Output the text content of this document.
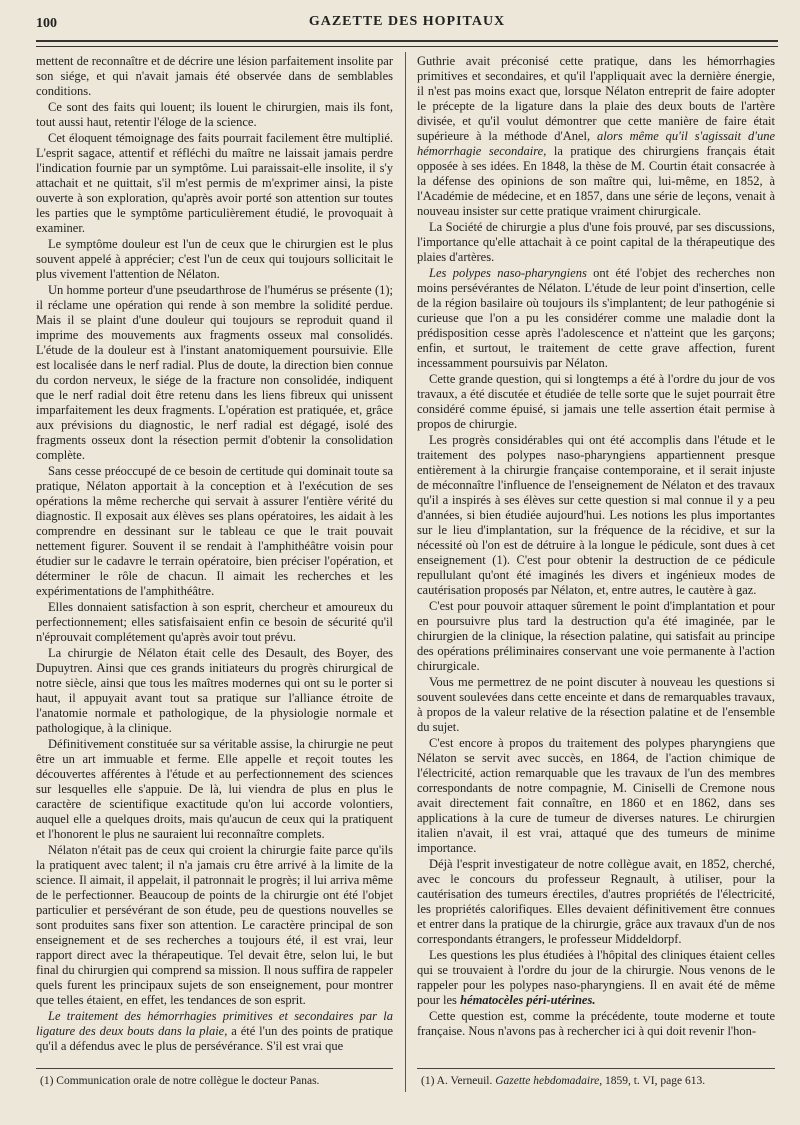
100	GAZETTE DES HOPITAUX

mettent de reconnaître et de décrire une lésion parfaitement insolite par son siége, et qui n'avait jamais été observée dans de semblables conditions.

Ce sont des faits qui louent; ils louent le chirurgien, mais ils font, tout aussi haut, retentir l'éloge de la science.

Cet éloquent témoignage des faits pourrait facilement être multiplié. L'esprit sagace, attentif et réfléchi du maître ne laissait jamais perdre l'indication fournie par un symptôme. Lui paraissait-elle insolite, il s'y attachait et ne quittait, s'il m'est permis de m'exprimer ainsi, la piste ouverte à son exploration, qu'après avoir porté son attention sur toutes les parties que le symptôme particulièrement étudié, le provoquait à examiner.

Le symptôme douleur est l'un de ceux que le chirurgien est le plus souvent appelé à apprécier; c'est l'un de ceux qui toujours sollicitait le plus vivement l'attention de Nélaton.

Un homme porteur d'une pseudarthrose de l'humérus se présente (1); il réclame une opération qui rende à son membre la solidité perdue. Mais il se plaint d'une douleur qui toujours se reproduit quand il imprime des mouvements aux fragments osseux mal consolidés. L'étude de la douleur est à l'instant anatomiquement poursuivie. Elle est localisée dans le nerf radial. Plus de doute, la direction bien connue du cordon nerveux, le siége de la fracture non consolidée, indiquent que le nerf radial doit être retenu dans les liens fibreux qui unissent imparfaitement les deux fragments. L'opération est pratiquée, et, grâce aux prévisions du diagnostic, le nerf radial est dégagé, isolé des fragments osseux dont la résection permit d'obtenir la consolidation complète.

Sans cesse préoccupé de ce besoin de certitude qui dominait toute sa pratique, Nélaton apportait à la conception et à l'exécution de ses opérations la même recherche qui servait à assurer l'entière vérité du diagnostic. Il exposait aux élèves ses plans opératoires, les aidait à les comprendre en dessinant sur le tableau ce que le trait pouvait nettement figurer. Souvent il se rendait à l'amphithéâtre voisin pour étudier sur le cadavre le terrain opératoire, bien préciser l'opération, et déterminer le rôle de chacun. Il aimait les recherches et les expérimentations de l'amphithéâtre.

Elles donnaient satisfaction à son esprit, chercheur et amoureux du perfectionnement; elles satisfaisaient enfin ce besoin de sécurité qu'il n'éprouvait complétement qu'après avoir tout prévu.

La chirurgie de Nélaton était celle des Desault, des Boyer, des Dupuytren. Ainsi que ces grands initiateurs du progrès chirurgical de notre siècle, ainsi que tous les maîtres modernes qui ont su le porter si haut, il appuyait avant tout sa pratique sur l'alliance étroite de l'anatomie normale et pathologique, de la physiologie normale et pathologique, à la clinique.

Définitivement constituée sur sa véritable assise, la chirurgie ne peut être un art immuable et ferme. Elle appelle et reçoit toutes les découvertes afférentes à l'étude et au perfectionnement des sciences sur lesquelles elle s'appuie. De là, lui viendra de plus en plus le caractère de scientifique exactitude qu'on lui accorde volontiers, auquel elle a quelques droits, mais qu'aucun de ceux qui la pratiquent et l'honorent le plus ne sauraient lui reconnaître complets.

Nélaton n'était pas de ceux qui croient la chirurgie faite parce qu'ils la pratiquent avec talent; il n'a jamais cru être arrivé à la limite de la science. Il aimait, il appelait, il patronnait le progrès; il lui arriva même de le perfectionner. Beaucoup de points de la chirurgie ont été l'objet particulier et persévérant de son étude, peu de questions nouvelles se sont produites sans fixer son attention. Le caractère principal de son enseignement et de ses recherches a toujours été, il est vrai, leur rapport direct avec la thérapeutique. Tel devait être, selon lui, le but final du chirurgien qui comprend sa mission. Il nous suffira de rappeler quels furent les principaux sujets de son enseignement, pour montrer que telles étaient, en effet, les tendances de son esprit.

Le traitement des hémorrhagies primitives et secondaires par la ligature des deux bouts dans la plaie, a été l'un des points de pratique qu'il a défendus avec le plus de persévérance. S'il est vrai que

Guthrie avait préconisé cette pratique, dans les hémorrhagies primitives et secondaires, et qu'il l'appliquait avec la dernière énergie, il n'est pas moins exact que, lorsque Nélaton entreprit de faire adopter le précepte de la ligature dans la plaie des deux bouts de l'artère divisée, et qu'il voulut démontrer que cette manière de faire était supérieure à la méthode d'Anel, alors même qu'il s'agissait d'une hémorrhagie secondaire, la pratique des chirurgiens français était opposée à ses idées. En 1848, la thèse de M. Courtin était consacrée à la défense des opinions de son maître qui, lui-même, en 1852, à l'Académie de médecine, et en 1857, dans une série de leçons, venait à nouveau insister sur cette pratique vraiment chirurgicale.

La Société de chirurgie a plus d'une fois prouvé, par ses discussions, l'importance qu'elle attachait à ce point capital de la thérapeutique des plaies d'artères.

Les polypes naso-pharyngiens ont été l'objet des recherches non moins persévérantes de Nélaton. L'étude de leur point d'insertion, celle de la région basilaire où toujours ils s'implantent; de leur pathogénie si curieuse que l'on a pu les considérer comme une maladie dont la prédisposition cesse après l'adolescence et n'atteint que les garçons; enfin, et surtout, le traitement de cette grave affection, furent incessamment poursuivis par Nélaton.

Cette grande question, qui si longtemps a été à l'ordre du jour de vos travaux, a été discutée et étudiée de telle sorte que le sujet pourrait être considéré comme épuisé, si jamais une telle assertion était permise à propos de chirurgie.

Les progrès considérables qui ont été accomplis dans l'étude et le traitement des polypes naso-pharyngiens appartiennent presque entièrement à la chirurgie française contemporaine, et il serait injuste de méconnaître l'influence de l'enseignement de Nélaton et des travaux qu'il a inspirés à ses élèves sur cette question si mal connue il y a peu d'années, si bien étudiée aujourd'hui. Les notions les plus importantes sur le lieu d'implantation, sur la fréquence de la récidive, et sur la nécessité où l'on est de détruire à la longue le pédicule, sont dues à cet enseignement (1). C'est pour obtenir la destruction de ce pédicule repullulant qu'ont été imaginés les divers et ingénieux modes de cautérisation proposés par Nélaton, et, entre autres, le cautère à gaz.

C'est pour pouvoir attaquer sûrement le point d'implantation et pour en poursuivre plus tard la destruction qu'a été imaginée, par le chirurgien de la clinique, la résection palatine, qui satisfait au principe des opérations préliminaires conservant une voie permanente à l'action chirurgicale.

Vous me permettrez de ne point discuter à nouveau les questions si souvent soulevées dans cette enceinte et dans de remarquables travaux, à propos de la valeur relative de la résection palatine et de l'ensemble du sujet.

C'est encore à propos du traitement des polypes pharyngiens que Nélaton se servit avec succès, en 1864, de l'action chimique de l'électricité, action remarquable que les travaux de l'un des membres correspondants de notre compagnie, M. Ciniselli de Cremone nous avait directement fait connaître, en 1860 et en 1862, dans ses applications à la cure de tumeur de diverses natures. Le chirurgien italien n'avait, il est vrai, attaqué que des tumeurs de minime importance.

Déjà l'esprit investigateur de notre collègue avait, en 1852, cherché, avec le concours du professeur Regnault, à utiliser, pour la cautérisation des tumeurs érectiles, d'autres propriétés de l'électricité, les propriétés calorifiques. Elles devaient définitivement être connues et entrer dans la pratique de la chirurgie, grâce aux travaux d'un de nos correspondants étrangers, le professeur Middeldorpf.

Les questions les plus étudiées à l'hôpital des cliniques étaient celles qui se trouvaient à l'ordre du jour de la chirurgie. Nous venons de le rappeler pour les polypes naso-pharyngiens. Il en avait été de même pour les hématocèles péri-utérines.

Cette question est, comme la précédente, toute moderne et toute française. Nous n'avons pas à rechercher ici à qui doit revenir l'hon-

(1) Communication orale de notre collègue le docteur Panas.	(1) A. Verneuil. Gazette hebdomadaire, 1859, t. VI, page 613.
